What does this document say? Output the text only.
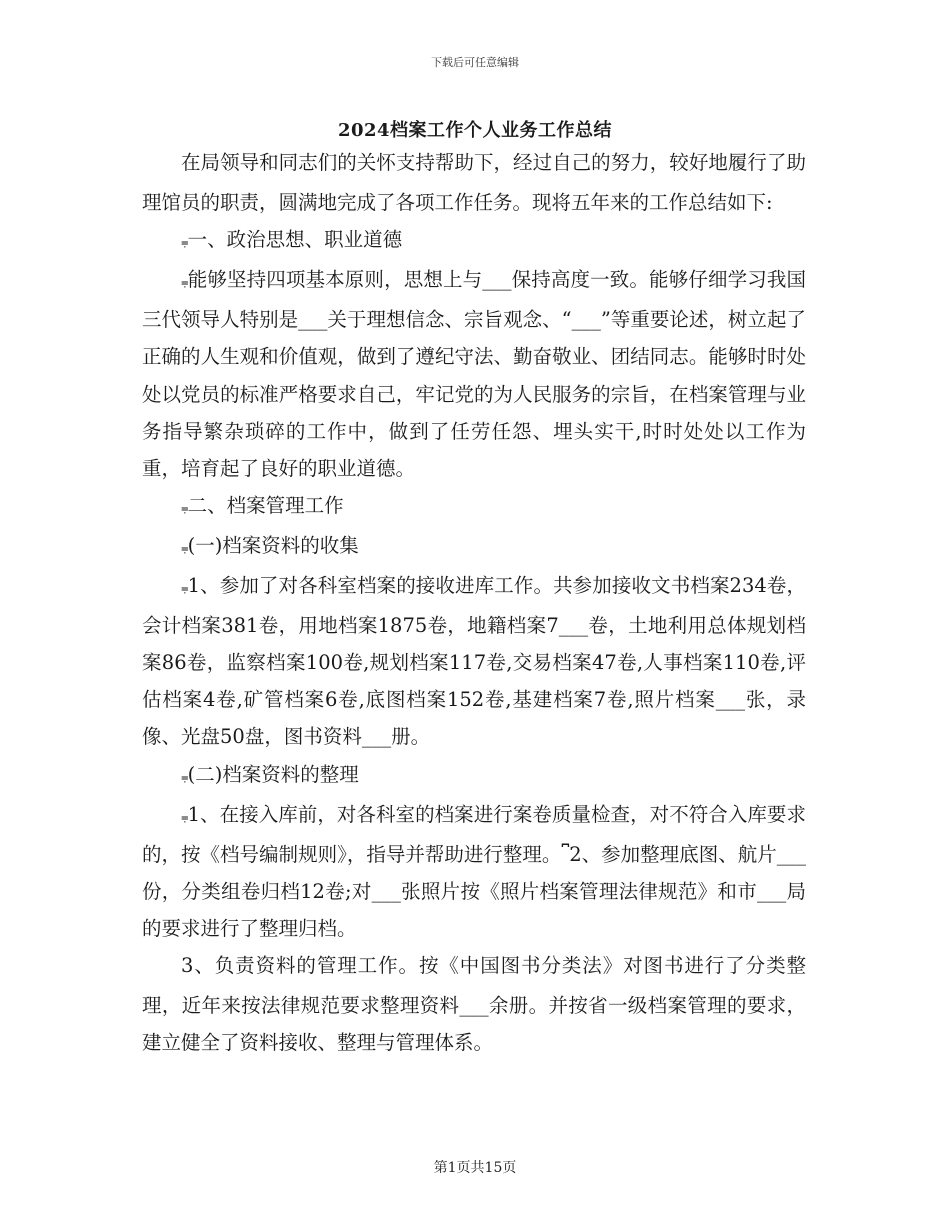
下载后可任意编辑
2024档案工作个人业务工作总结

在局领导和同志们的关怀支持帮助下，经过自己的努力，较好地履行了助理馆员的职责，圆满地完成了各项工作任务。现将五年来的工作总结如下:

⩦一、政治思想、职业道德

⩦能够坚持四项基本原则，思想上与___保持高度一致。能够仔细学习我国三代领导人特别是___关于理想信念、宗旨观念、“___”等重要论述，树立起了正确的人生观和价值观，做到了遵纪守法、勤奋敬业、团结同志。能够时时处处以党员的标准严格要求自己，牢记党的为人民服务的宗旨，在档案管理与业务指导繁杂琐碎的工作中，做到了任劳任怨、埋头实干,时时处处以工作为重，培育起了良好的职业道德。

⩦二、档案管理工作

⩦(一)档案资料的收集

⩦1、参加了对各科室档案的接收进库工作。共参加接收文书档案234卷，会计档案381卷，用地档案1875卷，地籍档案7___卷，土地利用总体规划档案86卷，监察档案100卷,规划档案117卷,交易档案47卷,人事档案110卷,评估档案4卷,矿管档案6卷,底图档案152卷,基建档案7卷,照片档案___张，录像、光盘50盘，图书资料___册。

⩦(二)档案资料的整理

⩦1、在接入库前，对各科室的档案进行案卷质量检查，对不符合入库要求的，按《档号编制规则》，指导并帮助进行整理。⎴2、参加整理底图、航片___份，分类组卷归档12卷;对___张照片按《照片档案管理法律规范》和市___局的要求进行了整理归档。

3、负责资料的管理工作。按《中国图书分类法》对图书进行了分类整理，近年来按法律规范要求整理资料___余册。并按省一级档案管理的要求，建立健全了资料接收、整理与管理体系。

第1页共15页
